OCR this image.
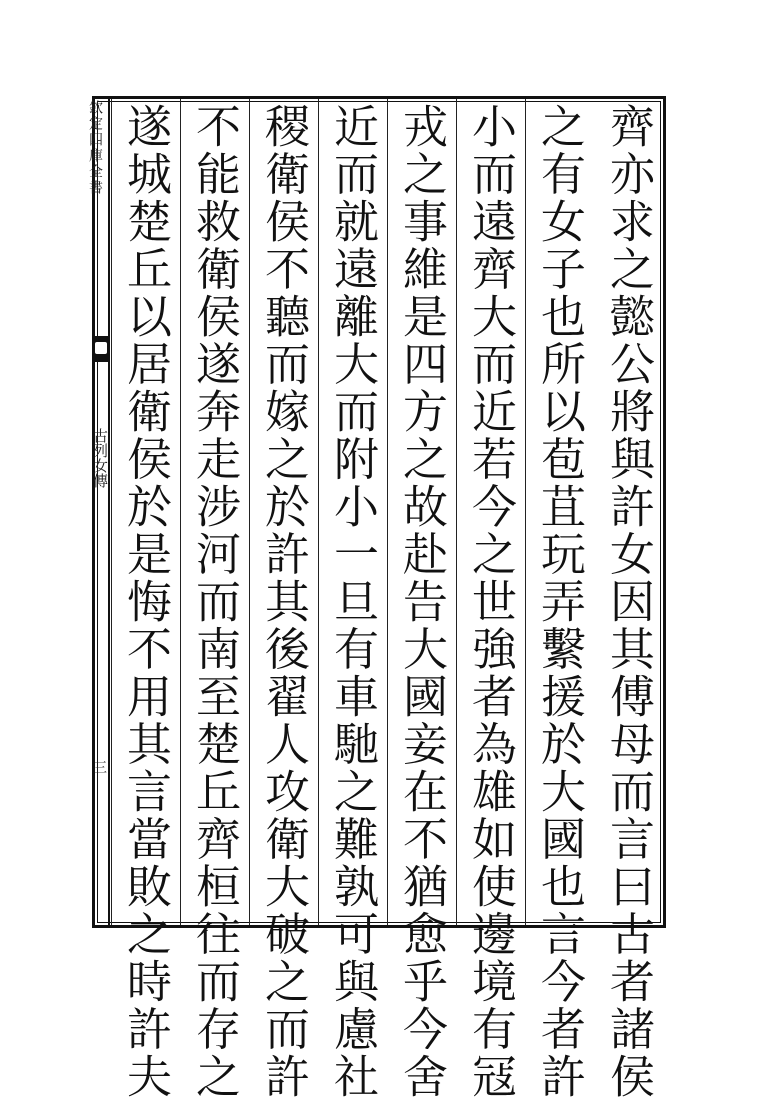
欽定四庫全書
古列女傳
三	齊亦求之懿公將與許女因其傅母而言曰古者諸侯
之有女子也所以苞苴玩弄繫援於大國也言今者許
小而遠齊大而近若今之世強者為雄如使邊境有冦
戎之事維是四方之故赴告大國妾在不猶愈乎今舍
近而就遠離大而附小一旦有車馳之難孰可與慮社
稷衛侯不聽而嫁之於許其後翟人攻衛大破之而許
不能救衛侯遂奔走涉河而南至楚丘齊桓往而存之
遂城楚丘以居衛侯於是悔不用其言當敗之時許夫
